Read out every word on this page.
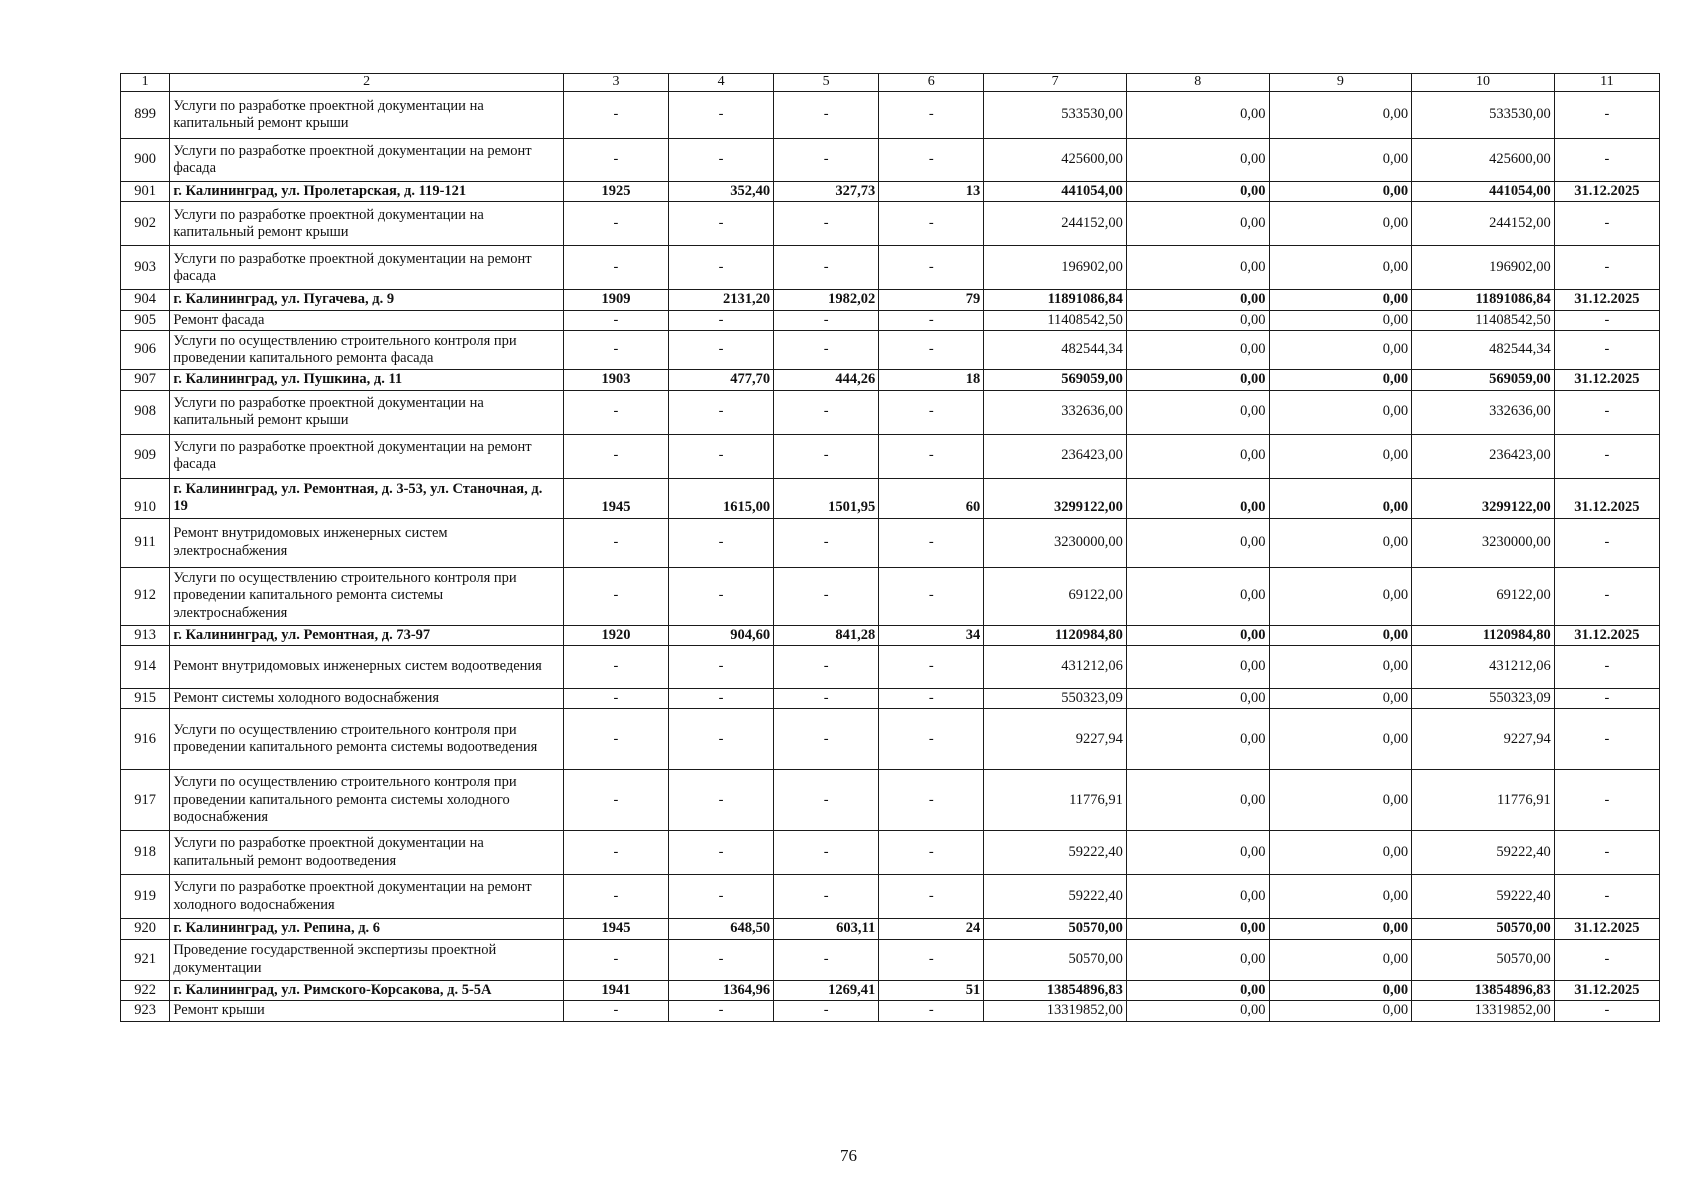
1	2	3	4	5	6	7	8	9	10	11
899	Услуги по разработке проектной документации на капитальный ремонт крыши	-	-	-	-	533530,00	0,00	0,00	533530,00	-
900	Услуги по разработке проектной документации на ремонт фасада	-	-	-	-	425600,00	0,00	0,00	425600,00	-
901	г. Калининград, ул. Пролетарская, д. 119-121	1925	352,40	327,73	13	441054,00	0,00	0,00	441054,00	31.12.2025
902	Услуги по разработке проектной документации на капитальный ремонт крыши	-	-	-	-	244152,00	0,00	0,00	244152,00	-
903	Услуги по разработке проектной документации на ремонт фасада	-	-	-	-	196902,00	0,00	0,00	196902,00	-
904	г. Калининград, ул. Пугачева, д. 9	1909	2131,20	1982,02	79	11891086,84	0,00	0,00	11891086,84	31.12.2025
905	Ремонт фасада	-	-	-	-	11408542,50	0,00	0,00	11408542,50	-
906	Услуги по осуществлению строительного контроля при проведении капитального ремонта фасада	-	-	-	-	482544,34	0,00	0,00	482544,34	-
907	г. Калининград, ул. Пушкина, д. 11	1903	477,70	444,26	18	569059,00	0,00	0,00	569059,00	31.12.2025
908	Услуги по разработке проектной документации на капитальный ремонт крыши	-	-	-	-	332636,00	0,00	0,00	332636,00	-
909	Услуги по разработке проектной документации на ремонт фасада	-	-	-	-	236423,00	0,00	0,00	236423,00	-
910	г. Калининград, ул. Ремонтная, д. 3-53, ул. Станочная, д. 19	1945	1615,00	1501,95	60	3299122,00	0,00	0,00	3299122,00	31.12.2025
911	Ремонт внутридомовых инженерных систем электроснабжения	-	-	-	-	3230000,00	0,00	0,00	3230000,00	-
912	Услуги по осуществлению строительного контроля при проведении капитального ремонта системы электроснабжения	-	-	-	-	69122,00	0,00	0,00	69122,00	-
913	г. Калининград, ул. Ремонтная, д. 73-97	1920	904,60	841,28	34	1120984,80	0,00	0,00	1120984,80	31.12.2025
914	Ремонт внутридомовых инженерных систем водоотведения	-	-	-	-	431212,06	0,00	0,00	431212,06	-
915	Ремонт системы холодного водоснабжения	-	-	-	-	550323,09	0,00	0,00	550323,09	-
916	Услуги по осуществлению строительного контроля при проведении капитального ремонта системы водоотведения	-	-	-	-	9227,94	0,00	0,00	9227,94	-
917	Услуги по осуществлению строительного контроля при проведении капитального ремонта системы холодного водоснабжения	-	-	-	-	11776,91	0,00	0,00	11776,91	-
918	Услуги по разработке проектной документации на капитальный ремонт водоотведения	-	-	-	-	59222,40	0,00	0,00	59222,40	-
919	Услуги по разработке проектной документации на ремонт холодного водоснабжения	-	-	-	-	59222,40	0,00	0,00	59222,40	-
920	г. Калининград, ул. Репина, д. 6	1945	648,50	603,11	24	50570,00	0,00	0,00	50570,00	31.12.2025
921	Проведение государственной экспертизы проектной документации	-	-	-	-	50570,00	0,00	0,00	50570,00	-
922	г. Калининград, ул. Римского-Корсакова, д. 5-5А	1941	1364,96	1269,41	51	13854896,83	0,00	0,00	13854896,83	31.12.2025
923	Ремонт крыши	-	-	-	-	13319852,00	0,00	0,00	13319852,00	-
76
